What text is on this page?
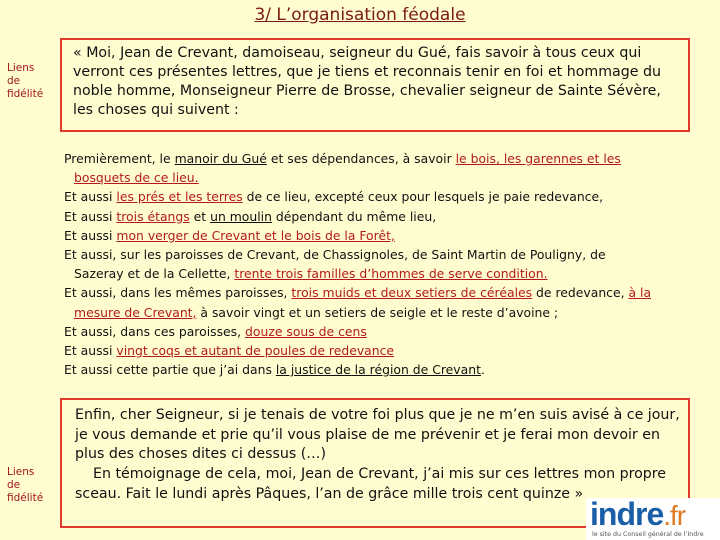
3/ L’organisation féodale
Liens
de
fidélité
Liens
de
fidélité

« Moi, Jean de Crevant, damoiseau, seigneur du Gué, fais savoir à tous ceux qui verront ces présentes lettres, que je tiens et reconnais tenir en foi et hommage du noble homme, Monseigneur Pierre de Brosse, chevalier seigneur de Sainte Sévère, les choses qui suivent :

Premièrement, le manoir du Gué et ses dépendances, à savoir le bois, les garennes et les
bosquets de ce lieu.
Et aussi les prés et les terres de ce lieu, excepté ceux pour lesquels je paie redevance,
Et aussi trois étangs et un moulin dépendant du même lieu,
Et aussi mon verger de Crevant et le bois de la Forêt,
Et aussi, sur les paroisses de Crevant, de Chassignoles, de Saint Martin de Pouligny, de
Sazeray et de la Cellette, trente trois familles d’hommes de serve condition.
Et aussi, dans les mêmes paroisses, trois muids et deux setiers de céréales de redevance, à la
mesure de Crevant, à savoir vingt et un setiers de seigle et le reste d’avoine ;
Et aussi, dans ces paroisses, douze sous de cens
Et aussi vingt coqs et autant de poules de redevance
Et aussi cette partie que j’ai dans la justice de la région de Crevant.

Enfin, cher Seigneur, si je tenais de votre foi plus que je ne m’en suis avisé à ce jour, je vous demande et prie qu’il vous plaise de me prévenir et je ferai mon devoir en plus des choses dites ci dessus (…)

En témoignage de cela, moi, Jean de Crevant, j’ai mis sur ces lettres mon propre sceau. Fait le lundi après Pâques, l’an de grâce mille trois cent quinze »

indre.fr
le site du Conseil général de l’Indre
